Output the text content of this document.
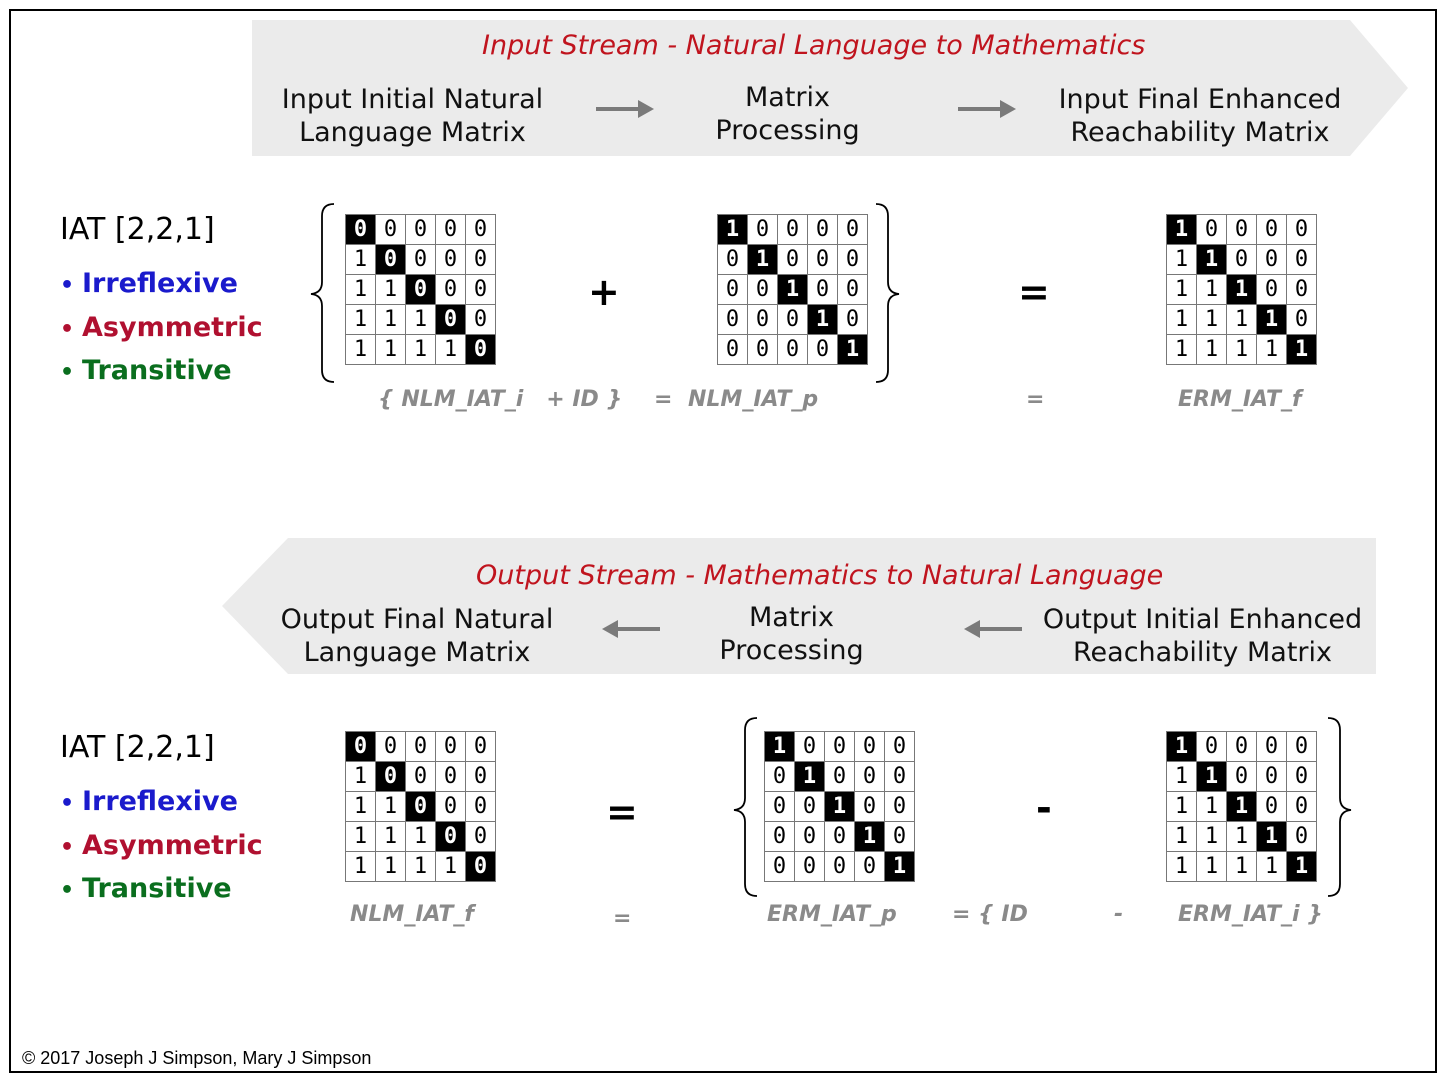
Input Stream - Natural Language to Mathematics
Input Initial Natural
Language Matrix
Matrix
Processing
Input Final Enhanced
Reachability Matrix
Output Stream - Mathematics to Natural Language
Output Final Natural
Language Matrix
Matrix
Processing
Output Initial Enhanced
Reachability Matrix
IAT [2,2,1]
• Irreflexive
• Asymmetric
• Transitive
IAT [2,2,1]
• Irreflexive
• Asymmetric
• Transitive
0	0	0	0	0
1	0	0	0	0
1	1	0	0	0
1	1	1	0	0
1	1	1	1	0
1	0	0	0	0
0	1	0	0	0
0	0	1	0	0
0	0	0	1	0
0	0	0	0	1
1	0	0	0	0
1	1	0	0	0
1	1	1	0	0
1	1	1	1	0
1	1	1	1	1
0	0	0	0	0
1	0	0	0	0
1	1	0	0	0
1	1	1	0	0
1	1	1	1	0
1	0	0	0	0
0	1	0	0	0
0	0	1	0	0
0	0	0	1	0
0	0	0	0	1
1	0	0	0	0
1	1	0	0	0
1	1	1	0	0
1	1	1	1	0
1	1	1	1	1
+	=
=	-
{ NLM_IAT_i   + ID } = NLM_IAT_p	=	ERM_IAT_f
NLM_IAT_f	=	ERM_IAT_p	= { ID	- ERM_IAT_i }
© 2017 Joseph J Simpson, Mary J Simpson
